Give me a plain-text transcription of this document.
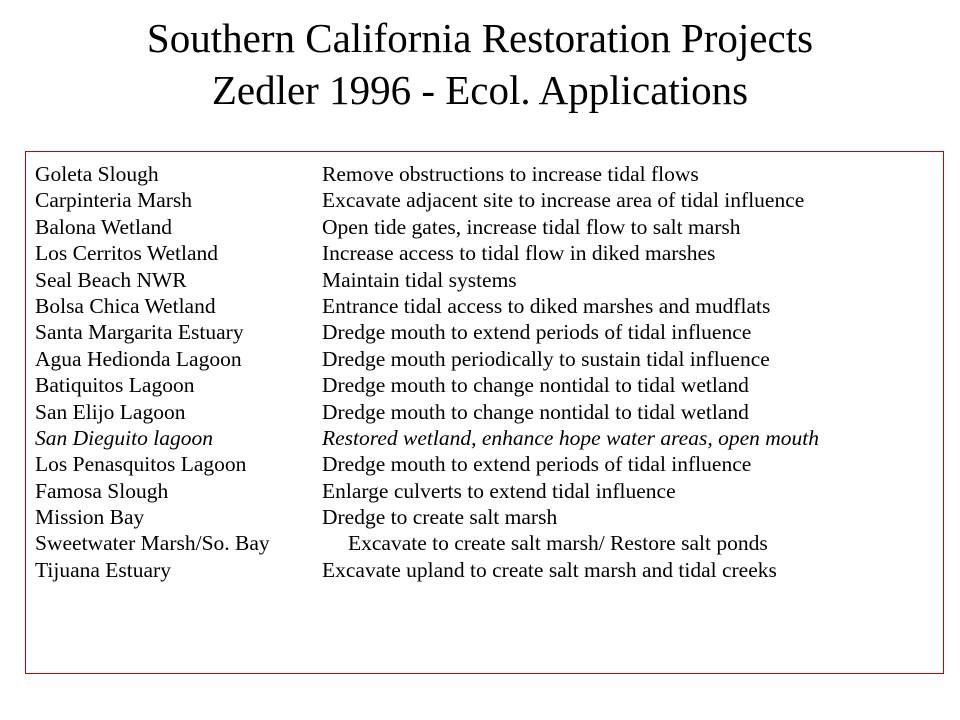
Southern California Restoration Projects
Zedler 1996 - Ecol. Applications
Goleta Slough	Remove obstructions to increase tidal flows
Carpinteria Marsh	Excavate adjacent site to increase area of tidal influence
Balona Wetland	Open tide gates, increase tidal flow to salt marsh
Los Cerritos Wetland	Increase access to tidal flow in diked marshes
Seal Beach NWR	Maintain tidal systems
Bolsa Chica Wetland	Entrance tidal access to diked marshes and mudflats
Santa Margarita Estuary	Dredge mouth to extend periods of tidal influence
Agua Hedionda Lagoon	Dredge mouth periodically to sustain tidal influence
Batiquitos Lagoon	Dredge mouth to change nontidal to tidal wetland
San Elijo Lagoon	Dredge mouth to change nontidal to tidal wetland
San Dieguito lagoon	Restored wetland, enhance hope water areas, open mouth
Los Penasquitos Lagoon	Dredge mouth to extend periods of tidal influence
Famosa Slough	Enlarge culverts to extend tidal influence
Mission Bay	Dredge to create salt marsh
Sweetwater Marsh/So. Bay	Excavate to create salt marsh/ Restore salt ponds
Tijuana Estuary	Excavate upland to create salt marsh and tidal creeks
